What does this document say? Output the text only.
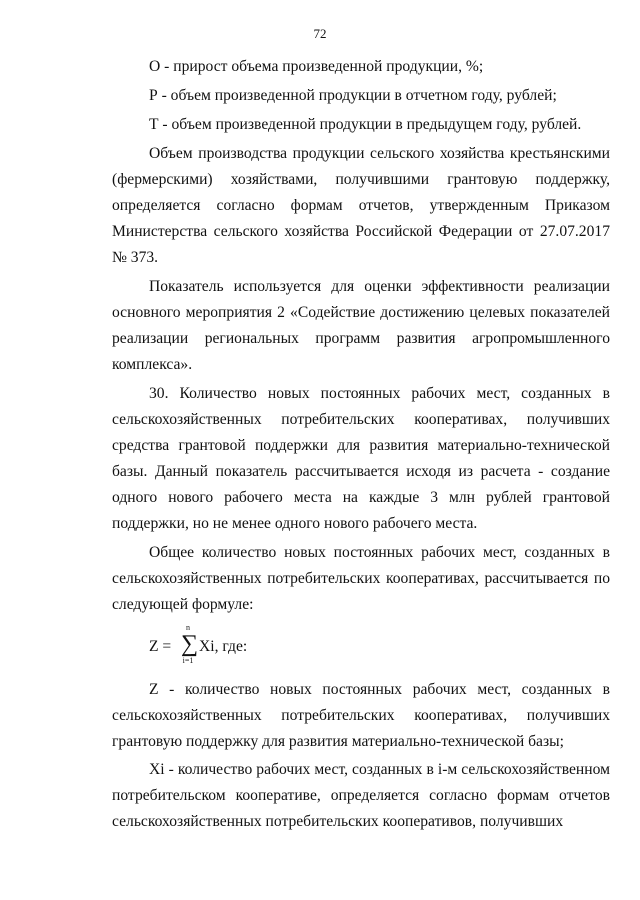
72

О - прирост объема произведенной продукции, %;

Р - объем произведенной продукции в отчетном году, рублей;

Т - объем произведенной продукции в предыдущем году, рублей.

Объем производства продукции сельского хозяйства крестьянскими (фермерскими) хозяйствами, получившими грантовую поддержку, определяется согласно формам отчетов, утвержденным Приказом Министерства сельского хозяйства Российской Федерации от 27.07.2017 № 373.

Показатель используется для оценки эффективности реализации основного мероприятия 2 «Содействие достижению целевых показателей реализации региональных программ развития агропромышленного комплекса».

30. Количество новых постоянных рабочих мест, созданных в сельскохозяйственных потребительских кооперативах, получивших средства грантовой поддержки для развития материально-технической базы. Данный показатель рассчитывается исходя из расчета - создание одного нового рабочего места на каждые 3 млн рублей грантовой поддержки, но не менее одного нового рабочего места.

Общее количество новых постоянных рабочих мест, созданных в сельскохозяйственных потребительских кооперативах, рассчитывается по следующей формуле:

Z =
n
∑
i=1
Xi, где:

Z - количество новых постоянных рабочих мест, созданных в сельскохозяйственных потребительских кооперативах, получивших грантовую поддержку для развития материально-технической базы;

Xi - количество рабочих мест, созданных в i-м сельскохозяйственном потребительском кооперативе, определяется согласно формам отчетов сельскохозяйственных потребительских кооперативов, получивших
